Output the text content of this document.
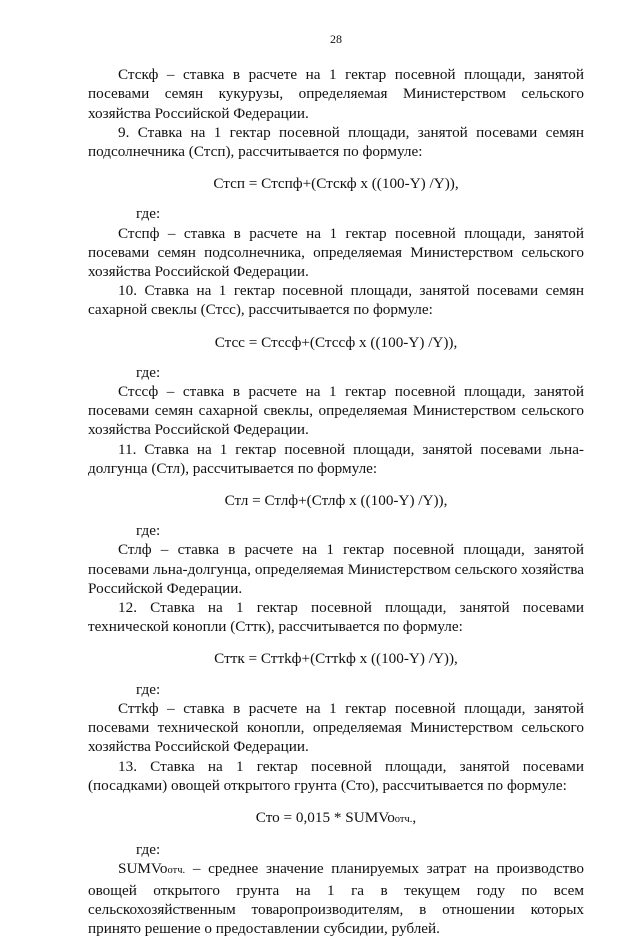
28

Стскф – ставка в расчете на 1 гектар посевной площади, занятой посевами семян кукурузы, определяемая Министерством сельского хозяйства Российской Федерации.

9. Ставка на 1 гектар посевной площади, занятой посевами семян подсолнечника (Стсп), рассчитывается по формуле:

Стсп = Стспф+(Стскф х ((100-Y) /Y)),
где:

Стспф – ставка в расчете на 1 гектар посевной площади, занятой посевами семян подсолнечника, определяемая Министерством сельского хозяйства Российской Федерации.

10. Ставка на 1 гектар посевной площади, занятой посевами семян сахарной свеклы (Стсс), рассчитывается по формуле:

Стсс = Стссф+(Стссф х ((100-Y) /Y)),
где:

Стссф – ставка в расчете на 1 гектар посевной площади, занятой посевами семян сахарной свеклы, определяемая Министерством сельского хозяйства Российской Федерации.

11. Ставка на 1 гектар посевной площади, занятой посевами льна-долгунца (Стл), рассчитывается по формуле:

Стл = Стлф+(Стлф х ((100-Y) /Y)),
где:

Стлф – ставка в расчете на 1 гектар посевной площади, занятой посевами льна-долгунца, определяемая Министерством сельского хозяйства Российской Федерации.

12. Ставка на 1 гектар посевной площади, занятой посевами технической конопли (Сттк), рассчитывается по формуле:

Сттк = Сттkф+(Сттkф х ((100-Y) /Y)),
где:

Сттkф – ставка в расчете на 1 гектар посевной площади, занятой посевами технической конопли, определяемая Министерством сельского хозяйства Российской Федерации.

13. Ставка на 1 гектар посевной площади, занятой посевами (посадками) овощей открытого грунта (Сто), рассчитывается по формуле:

Сто = 0,015 * SUMVoотч.,
где:

SUMVoотч. – среднее значение планируемых затрат на производство овощей открытого грунта на 1 га в текущем году по всем сельскохозяйственным товаропроизводителям, в отношении которых принято решение о предоставлении субсидии, рублей.
